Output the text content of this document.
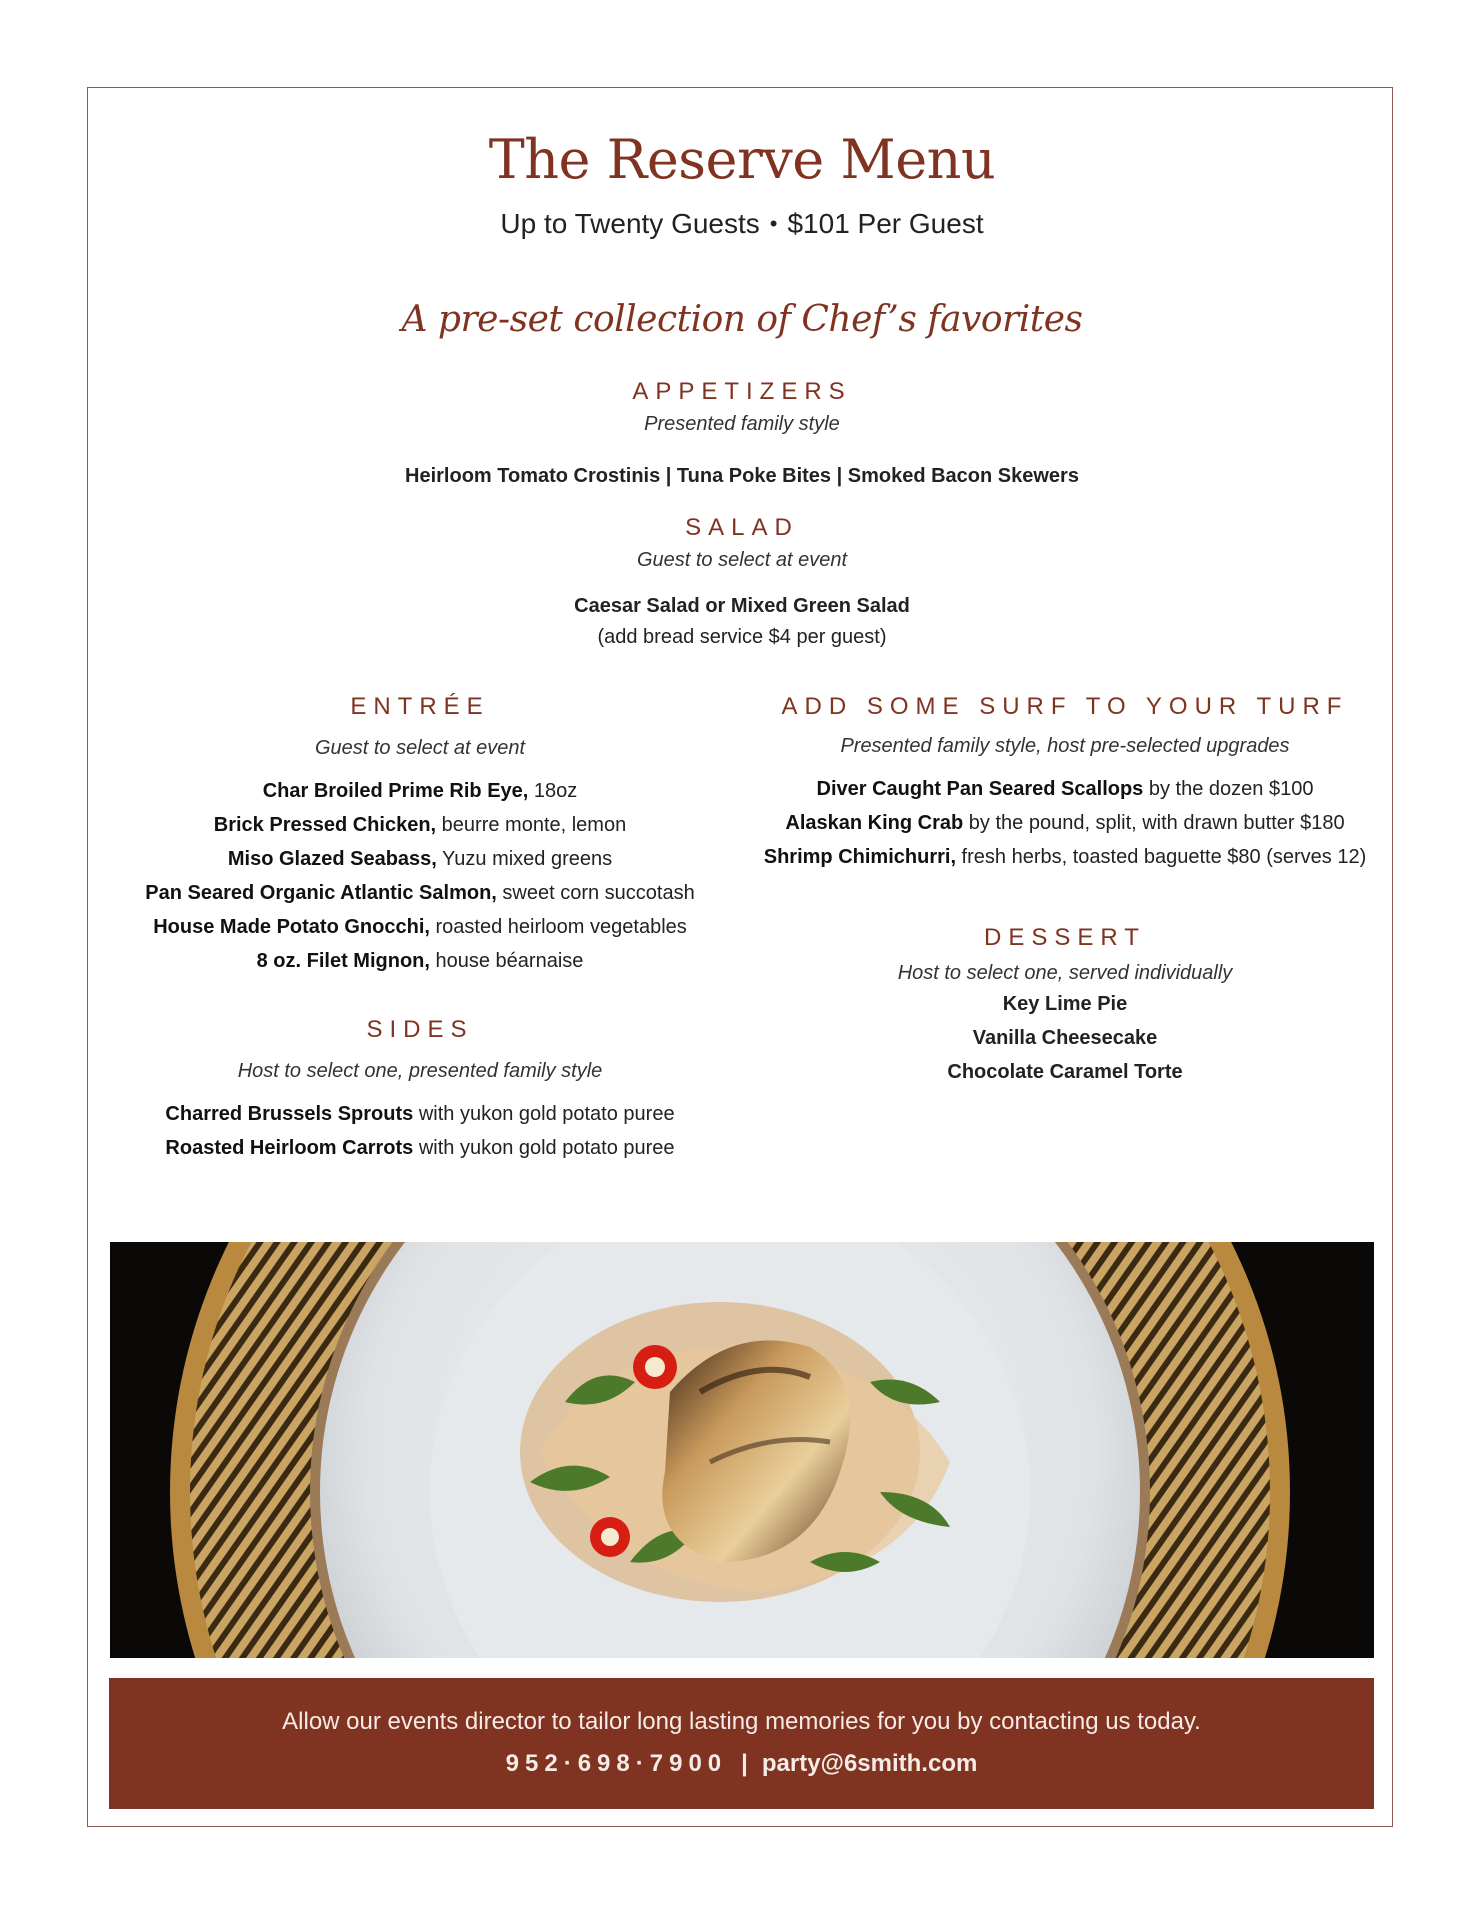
The Reserve Menu
Up to Twenty Guests • $101 Per Guest
A pre-set collection of Chef’s favorites
APPETIZERS
Presented family style
Heirloom Tomato Crostinis | Tuna Poke Bites | Smoked Bacon Skewers
SALAD
Guest to select at event
Caesar Salad or Mixed Green Salad
(add bread service $4 per guest)
ENTRÉE
Guest to select at event
Char Broiled Prime Rib Eye, 18oz
Brick Pressed Chicken, beurre monte, lemon
Miso Glazed Seabass, Yuzu mixed greens
Pan Seared Organic Atlantic Salmon, sweet corn succotash
House Made Potato Gnocchi, roasted heirloom vegetables
8 oz. Filet Mignon, house béarnaise
SIDES
Host to select one, presented family style
Charred Brussels Sprouts with yukon gold potato puree
Roasted Heirloom Carrots with yukon gold potato puree
ADD SOME SURF TO YOUR TURF
Presented family style, host pre-selected upgrades
Diver Caught Pan Seared Scallops by the dozen $100
Alaskan King Crab by the pound, split, with drawn butter $180
Shrimp Chimichurri, fresh herbs, toasted baguette $80 (serves 12)
DESSERT
Host to select one, served individually
Key Lime Pie
Vanilla Cheesecake
Chocolate Caramel Torte
Allow our events director to tailor long lasting memories for you by contacting us today.
952·698·7900 | party@6smith.com
